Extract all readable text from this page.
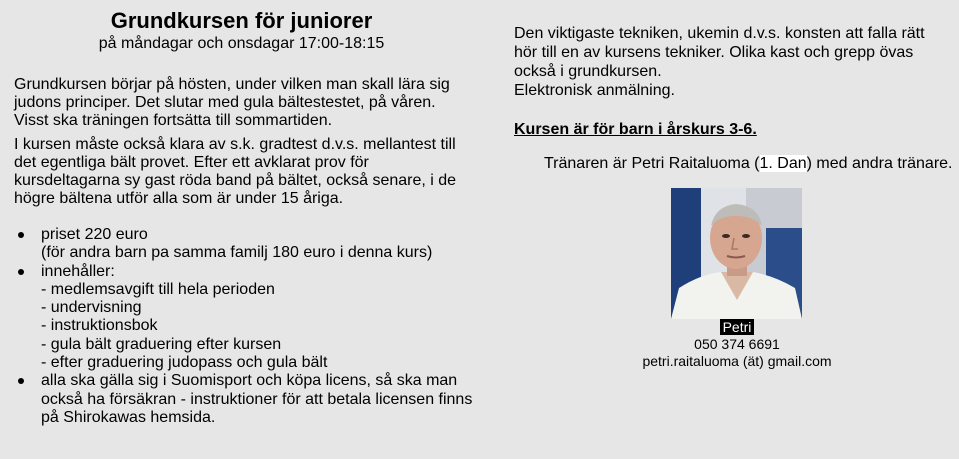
Grundkursen för juniorer
på måndagar och onsdagar 17:00-18:15

Grundkursen börjar på hösten, under vilken man skall lära sig judons principer. Det slutar med gula bältestestet, på våren. Visst ska träningen fortsätta till sommartiden.

I kursen måste också klara av s.k. gradtest d.v.s. mellantest till det egentliga bält provet. Efter ett avklarat prov för kursdeltagarna sy gast röda band på bältet, också senare, i de högre bältena utför alla som är under 15 åriga.

priset 220 euro
(för andra barn pa samma familj 180 euro i denna kurs)
innehåller:
- medlemsavgift till hela perioden
- undervisning
- instruktionsbok
- gula bält graduering efter kursen
- efter graduering judopass och gula bält
alla ska gälla sig i Suomisport och köpa licens, så ska man också ha försäkran - instruktioner för att betala licensen finns på Shirokawas hemsida.

Den viktigaste tekniken, ukemin d.v.s. konsten att falla rätt

hör till en av kursens tekniker. Olika kast och grepp övas

också i grundkursen.

Elektronisk anmälning.

Kursen är för barn i årskurs 3-6.
Tränaren är Petri Raitaluoma (1. Dan) med andra tränare.
Petri
050 374 6691
petri.raitaluoma (ät) gmail.com
